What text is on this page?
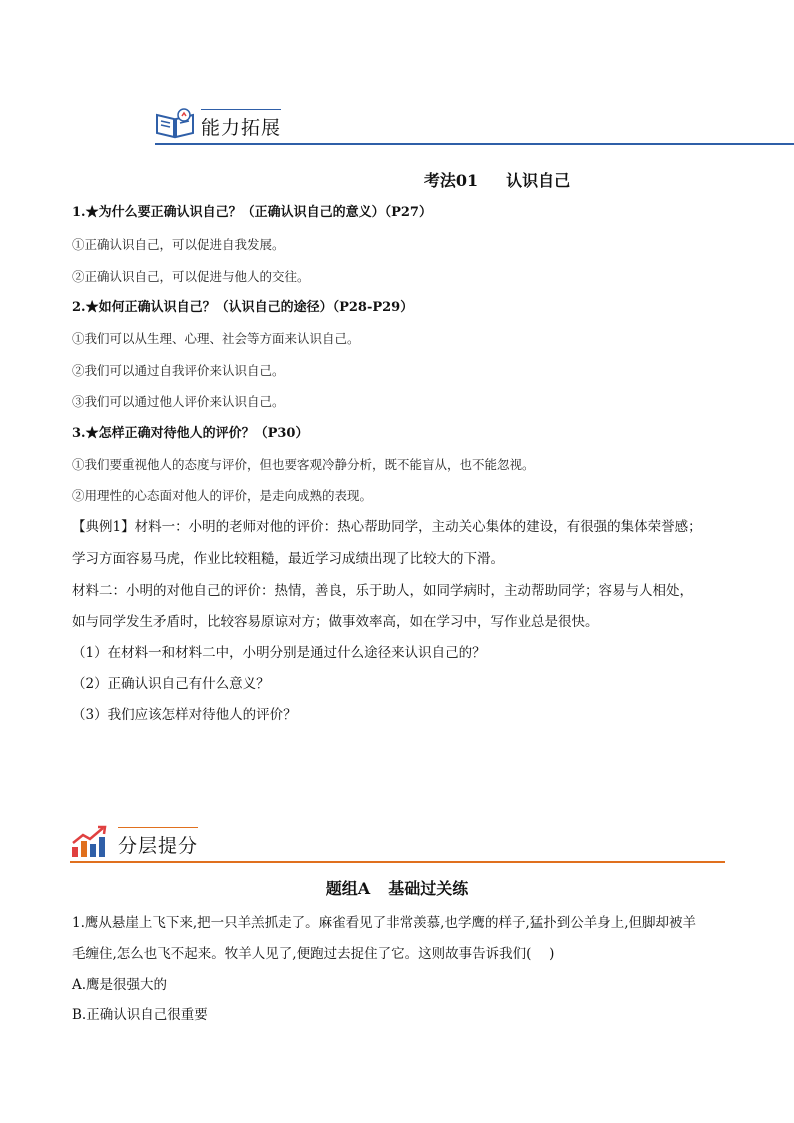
能力拓展
考法01 认识自己
1.★为什么要正确认识自己？（正确认识自己的意义）（P27）
①正确认识自己，可以促进自我发展。
②正确认识自己，可以促进与他人的交往。
2.★如何正确认识自己？（认识自己的途径）（P28-P29）
①我们可以从生理、心理、社会等方面来认识自己。
②我们可以通过自我评价来认识自己。
③我们可以通过他人评价来认识自己。
3.★怎样正确对待他人的评价？（P30）
①我们要重视他人的态度与评价，但也要客观冷静分析，既不能盲从，也不能忽视。
②用理性的心态面对他人的评价，是走向成熟的表现。
【典例1】材料一：小明的老师对他的评价：热心帮助同学，主动关心集体的建设，有很强的集体荣誉感；
学习方面容易马虎，作业比较粗糙，最近学习成绩出现了比较大的下滑。
材料二：小明的对他自己的评价：热情，善良，乐于助人，如同学病时，主动帮助同学；容易与人相处，
如与同学发生矛盾时，比较容易原谅对方；做事效率高，如在学习中，写作业总是很快。
（1）在材料一和材料二中，小明分别是通过什么途径来认识自己的？
（2）正确认识自己有什么意义？
（3）我们应该怎样对待他人的评价？
分层提分
题组A 基础过关练
1.鹰从悬崖上飞下来,把一只羊羔抓走了。麻雀看见了非常羡慕,也学鹰的样子,猛扑到公羊身上,但脚却被羊
毛缠住,怎么也飞不起来。牧羊人见了,便跑过去捉住了它。这则故事告诉我们(　 )
A.鹰是很强大的
B.正确认识自己很重要
